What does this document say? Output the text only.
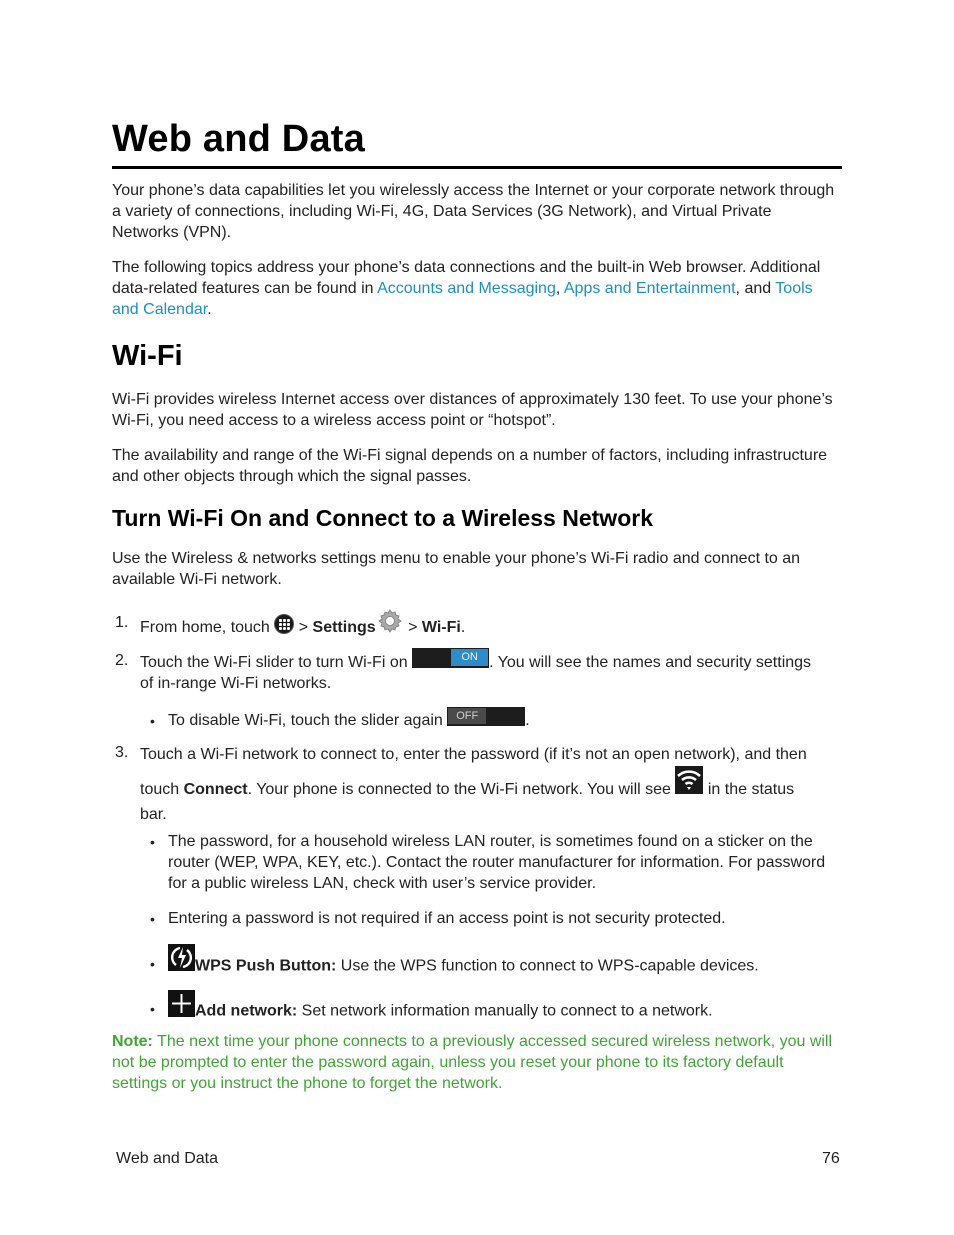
Web and Data
Your phone’s data capabilities let you wirelessly access the Internet or your corporate network through a variety of connections, including Wi-Fi, 4G, Data Services (3G Network), and Virtual Private Networks (VPN).
The following topics address your phone’s data connections and the built-in Web browser. Additional data-related features can be found in Accounts and Messaging, Apps and Entertainment, and Tools and Calendar.
Wi-Fi
Wi-Fi provides wireless Internet access over distances of approximately 130 feet. To use your phone’s Wi-Fi, you need access to a wireless access point or “hotspot”.
The availability and range of the Wi-Fi signal depends on a number of factors, including infrastructure and other objects through which the signal passes.
Turn Wi-Fi On and Connect to a Wireless Network
Use the Wireless & networks settings menu to enable your phone’s Wi-Fi radio and connect to an available Wi-Fi network.
1. From home, touch
> Settings > Wi-Fi.
2. Touch the Wi-Fi slider to turn Wi-Fi on	ON . You will see the names and security settings
of in-range Wi-Fi networks.
• To disable Wi-Fi, touch the slider again OFF	.
3. Touch a Wi-Fi network to connect to, enter the password (if it’s not an open network), and then
touch Connect. Your phone is connected to the Wi-Fi network. You will see  in the status
bar.
• The password, for a household wireless LAN router, is sometimes found on a sticker on the router (WEP, WPA, KEY, etc.). Contact the router manufacturer for information. For password for a public wireless LAN, check with user’s service provider.
• Entering a password is not required if an access point is not security protected.
•	WPS Push Button: Use the WPS function to connect to WPS-capable devices.
•	Add network: Set network information manually to connect to a network.
Note: The next time your phone connects to a previously accessed secured wireless network, you will not be prompted to enter the password again, unless you reset your phone to its factory default settings or you instruct the phone to forget the network.
Web and Data	76
